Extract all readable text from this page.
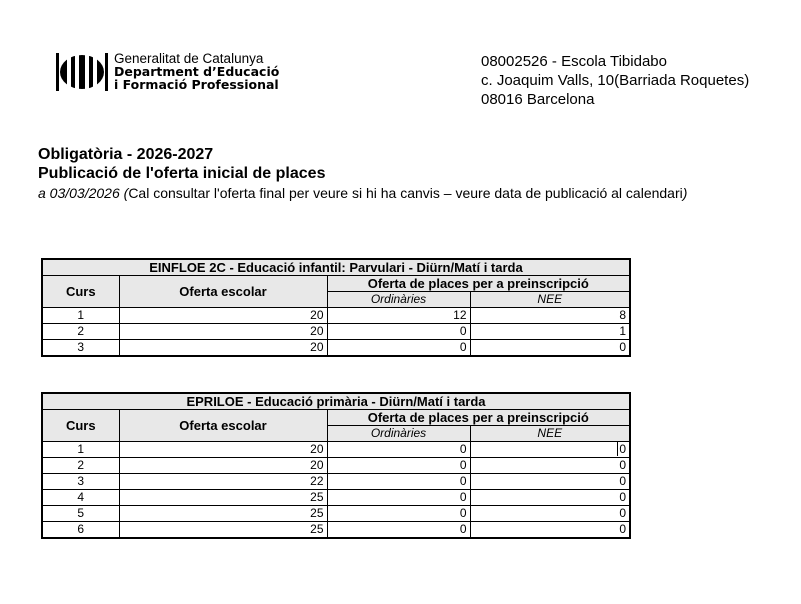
Generalitat de Catalunya
Department d’Educació
i Formació Professional
08002526 - Escola Tibidabo
c. Joaquim Valls, 10(Barriada Roquetes)
08016 Barcelona
Obligatòria - 2026-2027
Publicació de l'oferta inicial de places
a 03/03/2026 (Cal consultar l'oferta final per veure si hi ha canvis – veure data de publicació al calendari)
EINFLOE 2C - Educació infantil: Parvulari - Diürn/Matí i tarda			
Curs	Oferta escolar	Oferta de places per a preinscripció	
		Ordinàries	NEE
1	20	12	8
2	20	0	1
3	20	0	0
EPRILOE - Educació primària - Diürn/Matí i tarda			
Curs	Oferta escolar	Oferta de places per a preinscripció	
		Ordinàries	NEE
1	20	0	0
2	20	0	0
3	22	0	0
4	25	0	0
5	25	0	0
6	25	0	0
